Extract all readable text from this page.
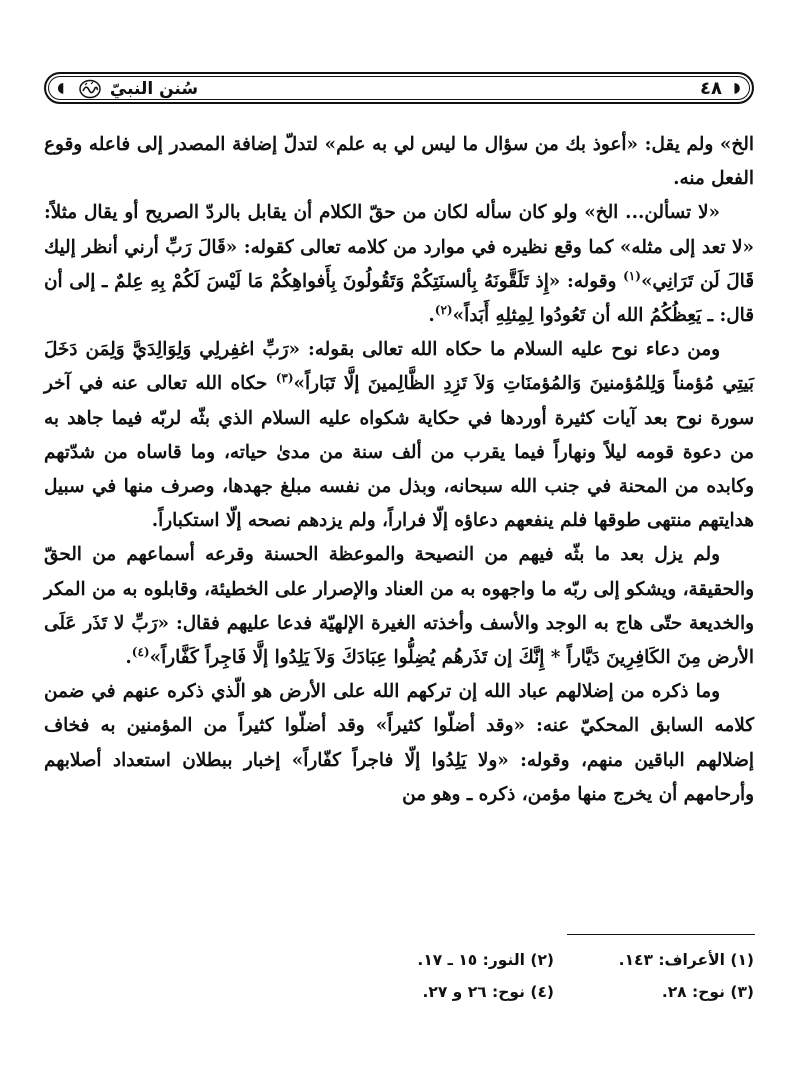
◖	◗
سُنن النبيّ	٤٨

الخ» ولم يقل: «أعوذ بك من سؤال ما ليس لي به علم» لتدلّ إضافة المصدر إلى فاعله وقوع الفعل منه.

«لا تسألن... الخ» ولو كان سأله لكان من حقّ الكلام أن يقابل بالردّ الصريح أو يقال مثلاً: «لا تعد إلى مثله» كما وقع نظيره في موارد من كلامه تعالى كقوله: «قَالَ رَبِّ أرني أنظر إليك قَالَ لَن تَرَانِي»$^{(١)}$ وقوله: «إِذ تَلَقَّونَهُ بِألسنَتِكُمْ وَتَقُولُونَ بِأَفواهِكُمْ مَا لَيْسَ لَكُمْ بِهِ عِلمٌ ـ إلى أن قال: ـ يَعِظُكُمُ الله أن تَعُودُوا لِمِثلِهِ أَبَداً»$^{(٢)}$.

ومن دعاء نوح عليه السلام ما حكاه الله تعالى بقوله: «رَبِّ اغفِرلِي وَلِوَالِدَيَّ وَلِمَن دَخَلَ بَيتِي مُؤمناً وَلِلمُؤمنينَ وَالمُؤمنَاتِ وَلاَ تَزِدِ الظَّالِمينَ إلَّا تَبَاراً»$^{(٣)}$ حكاه الله تعالى عنه في آخر سورة نوح بعد آيات كثيرة أوردها في حكاية شكواه عليه السلام الذي بثّه لربّه فيما جاهد به من دعوة قومه ليلاً ونهاراً فيما يقرب من ألف سنة من مدىٰ حياته، وما قاساه من شدّتهم وكابده من المحنة في جنب الله سبحانه، وبذل من نفسه مبلغ جهدها، وصرف منها في سبيل هدايتهم منتهى طوقها فلم ينفعهم دعاؤه إلّا فراراً، ولم يزدهم نصحه إلّا استكباراً.

ولم يزل بعد ما بثّه فيهم من النصيحة والموعظة الحسنة وقرعه أسماعهم من الحقّ والحقيقة، ويشكو إلى ربّه ما واجهوه به من العناد والإصرار على الخطيئة، وقابلوه به من المكر والخديعة حتّى هاج به الوجد والأسف وأخذته الغيرة الإلهيّة فدعا عليهم فقال: «رَبِّ لا تَذَر عَلَى الأرض مِنَ الكَافِرِينَ دَيَّاراً * إِنَّكَ إن تَذَرهُم يُضِلُّوا عِبَادَكَ وَلاَ يَلِدُوا إلَّا فَاجِراً كَفَّاراً»$^{(٤)}$.

وما ذكره من إضلالهم عباد الله إن تركهم الله على الأرض هو الّذي ذكره عنهم في ضمن كلامه السابق المحكيّ عنه: «وقد أضلّوا كثيراً» وقد أضلّوا كثيراً من المؤمنين به فخاف إضلالهم الباقين منهم، وقوله: «ولا يَلِدُوا إلّا فاجراً كفّاراً» إخبار ببطلان استعداد أصلابهم وأرحامهم أن يخرج منها مؤمن، ذكره ـ وهو من

(١) الأعراف: ١٤٣.
(٢) النور: ١٥ ـ ١٧.
(٣) نوح: ٢٨.
(٤) نوح: ٢٦ و ٢٧.
